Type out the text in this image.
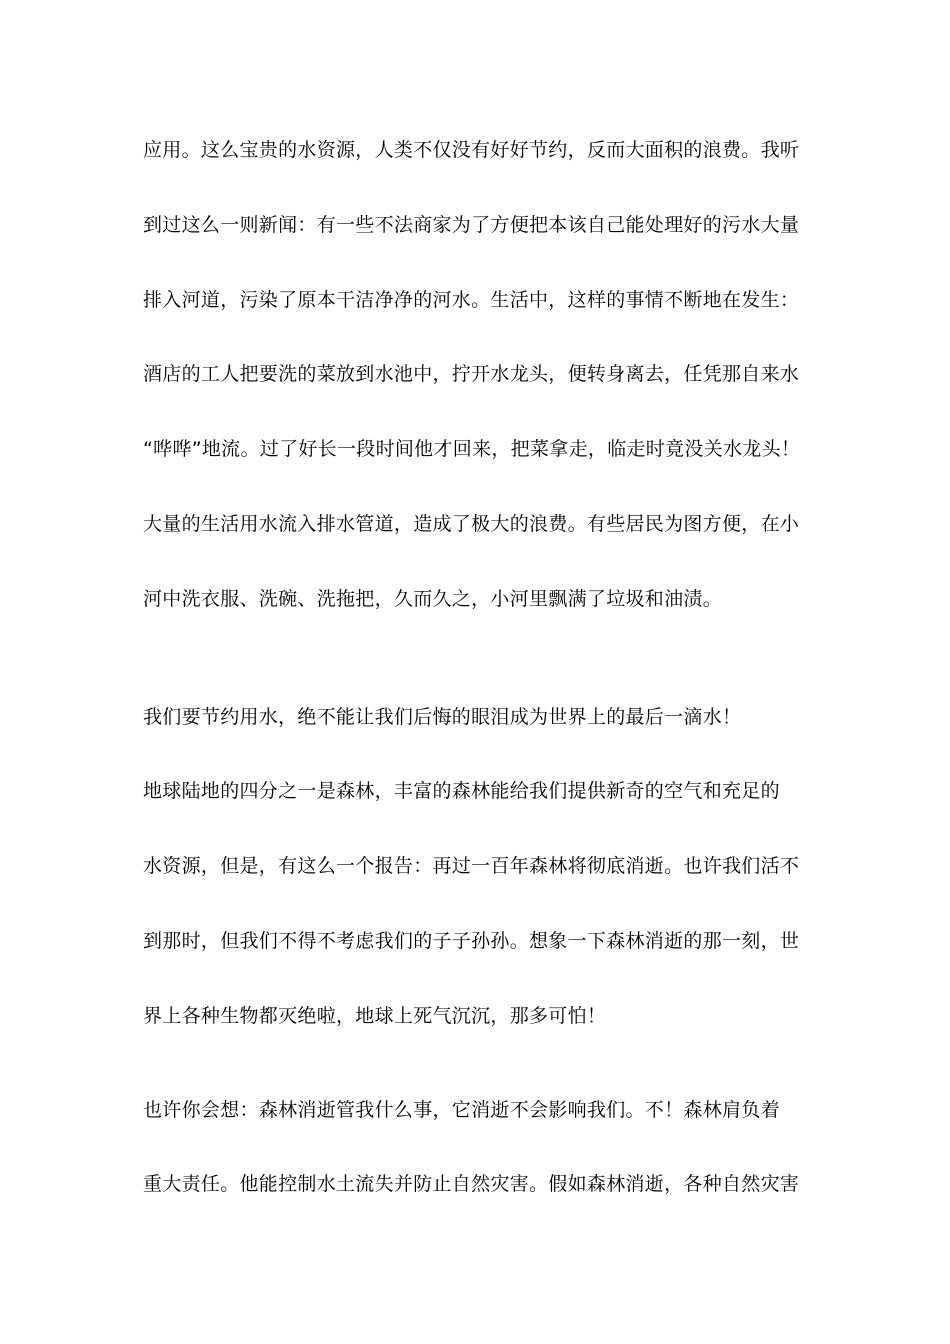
应用。这么宝贵的水资源，人类不仅没有好好节约，反而大面积的浪费。我听
到过这么一则新闻：有一些不法商家为了方便把本该自己能处理好的污水大量
排入河道，污染了原本干洁净净的河水。生活中，这样的事情不断地在发生：
酒店的工人把要洗的菜放到水池中，拧开水龙头，便转身离去，任凭那自来水
“哗哗”地流。过了好长一段时间他才回来，把菜拿走，临走时竟没关水龙头！
大量的生活用水流入排水管道，造成了极大的浪费。有些居民为图方便，在小
河中洗衣服、洗碗、洗拖把，久而久之，小河里飘满了垃圾和油渍。
我们要节约用水，绝不能让我们后悔的眼泪成为世界上的最后一滴水！
地球陆地的四分之一是森林，丰富的森林能给我们提供新奇的空气和充足的
水资源，但是，有这么一个报告：再过一百年森林将彻底消逝。也许我们活不
到那时，但我们不得不考虑我们的子子孙孙。想象一下森林消逝的那一刻，世
界上各种生物都灭绝啦，地球上死气沉沉，那多可怕！
也许你会想：森林消逝管我什么事，它消逝不会影响我们。不！森林肩负着
重大责任。他能控制水土流失并防止自然灾害。假如森林消逝，各种自然灾害
